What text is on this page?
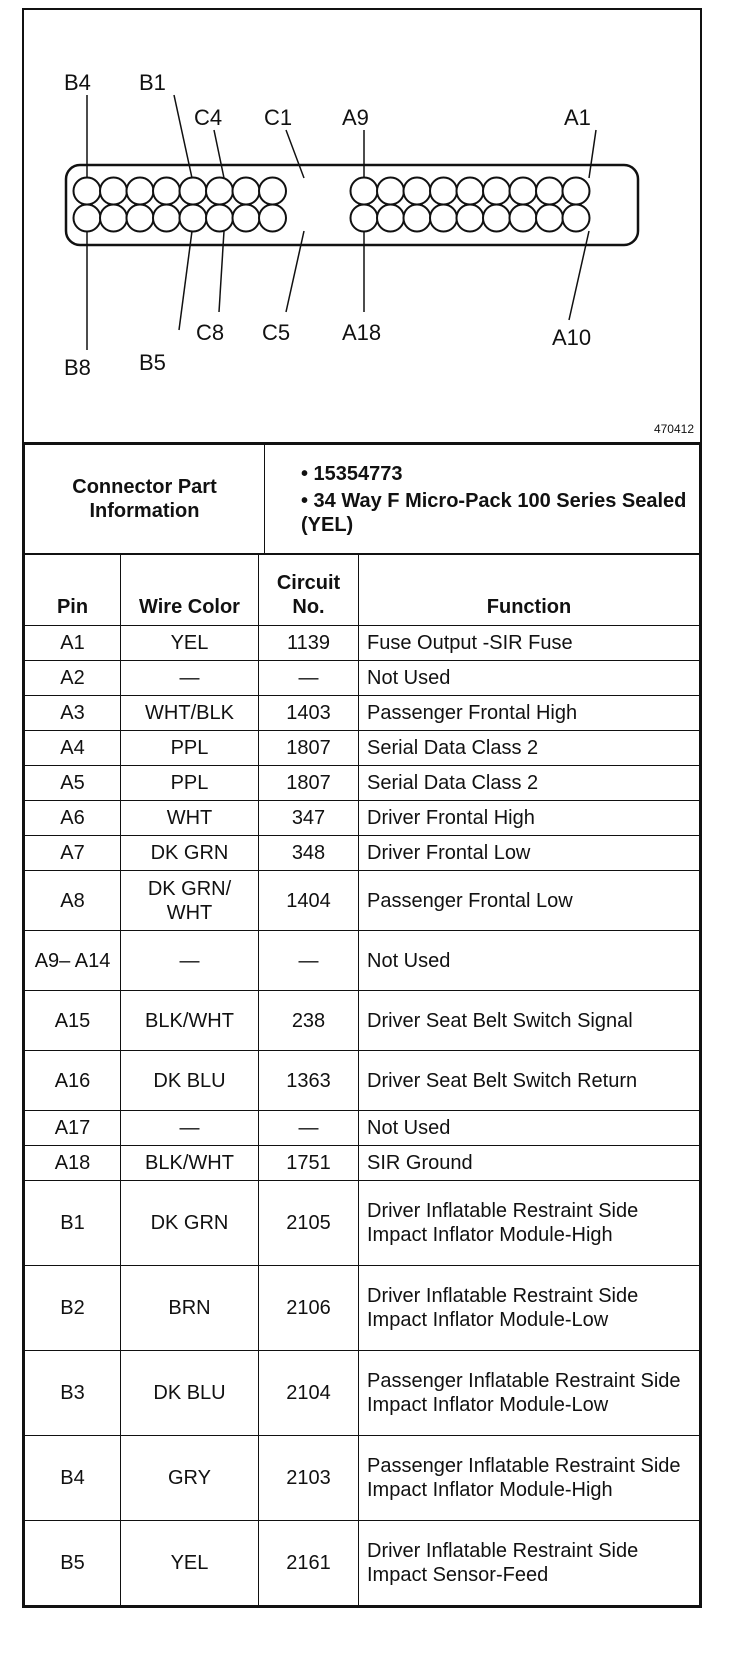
B4 B1
C4 C1 A9	A1
B8 B5
C8 C5 A18	A10
470412
Connector Part Information	
• 15354773
• 34 Way F Micro-Pack 100 Series Sealed (YEL)
Pin	Wire Color	Circuit No.	Function
A1	YEL	1139	Fuse Output -SIR Fuse
A2	—	—	Not Used
A3	WHT/BLK	1403	Passenger Frontal High
A4	PPL	1807	Serial Data Class 2
A5	PPL	1807	Serial Data Class 2
A6	WHT	347	Driver Frontal High
A7	DK GRN	348	Driver Frontal Low
A8	DK GRN/ WHT	1404	Passenger Frontal Low
A9– A14	—	—	Not Used
A15	BLK/WHT	238	Driver Seat Belt Switch Signal
A16	DK BLU	1363	Driver Seat Belt Switch Return
A17	—	—	Not Used
A18	BLK/WHT	1751	SIR Ground
B1	DK GRN	2105	Driver Inflatable Restraint Side Impact Inflator Module-High
B2	BRN	2106	Driver Inflatable Restraint Side Impact Inflator Module-Low
B3	DK BLU	2104	Passenger Inflatable Restraint Side Impact Inflator Module-Low
B4	GRY	2103	Passenger Inflatable Restraint Side Impact Inflator Module-High
B5	YEL	2161	Driver Inflatable Restraint Side Impact Sensor-Feed
